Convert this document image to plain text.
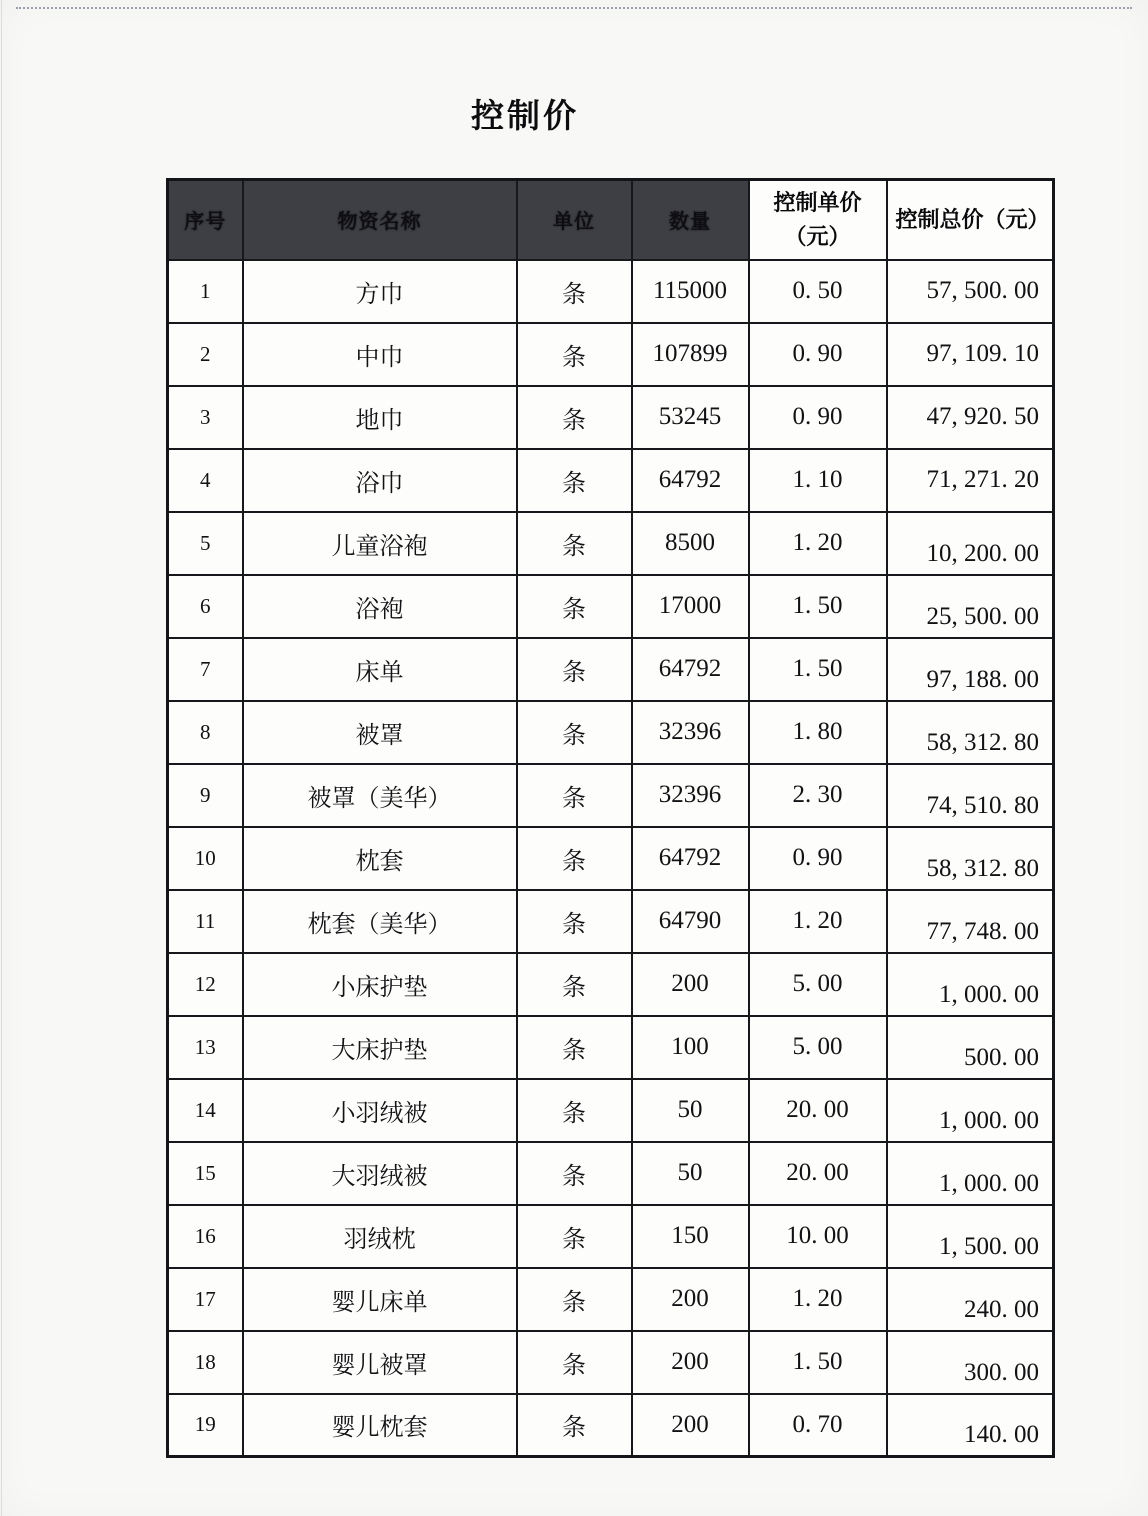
控制价
序号	物资名称	单位	数量	控制单价（元）	控制总价（元）
1	方巾	条	115000	0. 50	57, 500. 00
2	中巾	条	107899	0. 90	97, 109. 10
3	地巾	条	53245	0. 90	47, 920. 50
4	浴巾	条	64792	1. 10	71, 271. 20
5	儿童浴袍	条	8500	1. 20	10, 200. 00
6	浴袍	条	17000	1. 50	25, 500. 00
7	床单	条	64792	1. 50	97, 188. 00
8	被罩	条	32396	1. 80	58, 312. 80
9	被罩（美华）	条	32396	2. 30	74, 510. 80
10	枕套	条	64792	0. 90	58, 312. 80
11	枕套（美华）	条	64790	1. 20	77, 748. 00
12	小床护垫	条	200	5. 00	1, 000. 00
13	大床护垫	条	100	5. 00	500. 00
14	小羽绒被	条	50	20. 00	1, 000. 00
15	大羽绒被	条	50	20. 00	1, 000. 00
16	羽绒枕	条	150	10. 00	1, 500. 00
17	婴儿床单	条	200	1. 20	240. 00
18	婴儿被罩	条	200	1. 50	300. 00
19	婴儿枕套	条	200	0. 70	140. 00
